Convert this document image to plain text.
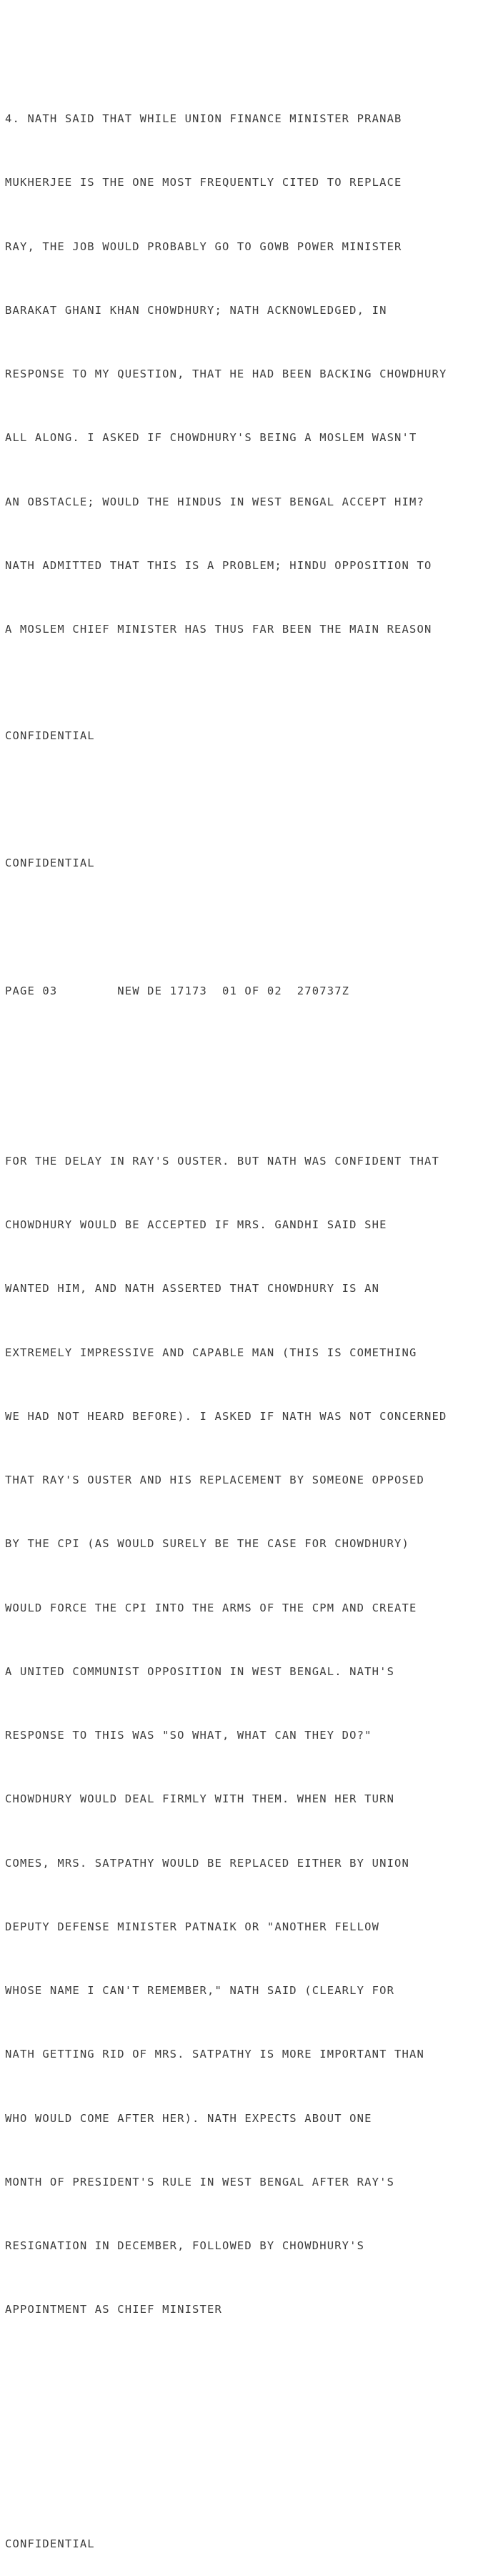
4. NATH SAID THAT WHILE UNION FINANCE MINISTER PRANAB

MUKHERJEE IS THE ONE MOST FREQUENTLY CITED TO REPLACE

RAY, THE JOB WOULD PROBABLY GO TO GOWB POWER MINISTER

BARAKAT GHANI KHAN CHOWDHURY; NATH ACKNOWLEDGED, IN

RESPONSE TO MY QUESTION, THAT HE HAD BEEN BACKING CHOWDHURY

ALL ALONG. I ASKED IF CHOWDHURY'S BEING A MOSLEM WASN'T

AN OBSTACLE; WOULD THE HINDUS IN WEST BENGAL ACCEPT HIM?

NATH ADMITTED THAT THIS IS A PROBLEM; HINDU OPPOSITION TO

A MOSLEM CHIEF MINISTER HAS THUS FAR BEEN THE MAIN REASON

CONFIDENTIAL

CONFIDENTIAL

PAGE 03        NEW DE 17173  01 OF 02  270737Z

FOR THE DELAY IN RAY'S OUSTER. BUT NATH WAS CONFIDENT THAT

CHOWDHURY WOULD BE ACCEPTED IF MRS. GANDHI SAID SHE

WANTED HIM, AND NATH ASSERTED THAT CHOWDHURY IS AN

EXTREMELY IMPRESSIVE AND CAPABLE MAN (THIS IS COMETHING

WE HAD NOT HEARD BEFORE). I ASKED IF NATH WAS NOT CONCERNED

THAT RAY'S OUSTER AND HIS REPLACEMENT BY SOMEONE OPPOSED

BY THE CPI (AS WOULD SURELY BE THE CASE FOR CHOWDHURY)

WOULD FORCE THE CPI INTO THE ARMS OF THE CPM AND CREATE

A UNITED COMMUNIST OPPOSITION IN WEST BENGAL. NATH'S

RESPONSE TO THIS WAS "SO WHAT, WHAT CAN THEY DO?"

CHOWDHURY WOULD DEAL FIRMLY WITH THEM. WHEN HER TURN

COMES, MRS. SATPATHY WOULD BE REPLACED EITHER BY UNION

DEPUTY DEFENSE MINISTER PATNAIK OR "ANOTHER FELLOW

WHOSE NAME I CAN'T REMEMBER," NATH SAID (CLEARLY FOR

NATH GETTING RID OF MRS. SATPATHY IS MORE IMPORTANT THAN

WHO WOULD COME AFTER HER). NATH EXPECTS ABOUT ONE

MONTH OF PRESIDENT'S RULE IN WEST BENGAL AFTER RAY'S

RESIGNATION IN DECEMBER, FOLLOWED BY CHOWDHURY'S

APPOINTMENT AS CHIEF MINISTER

CONFIDENTIAL
